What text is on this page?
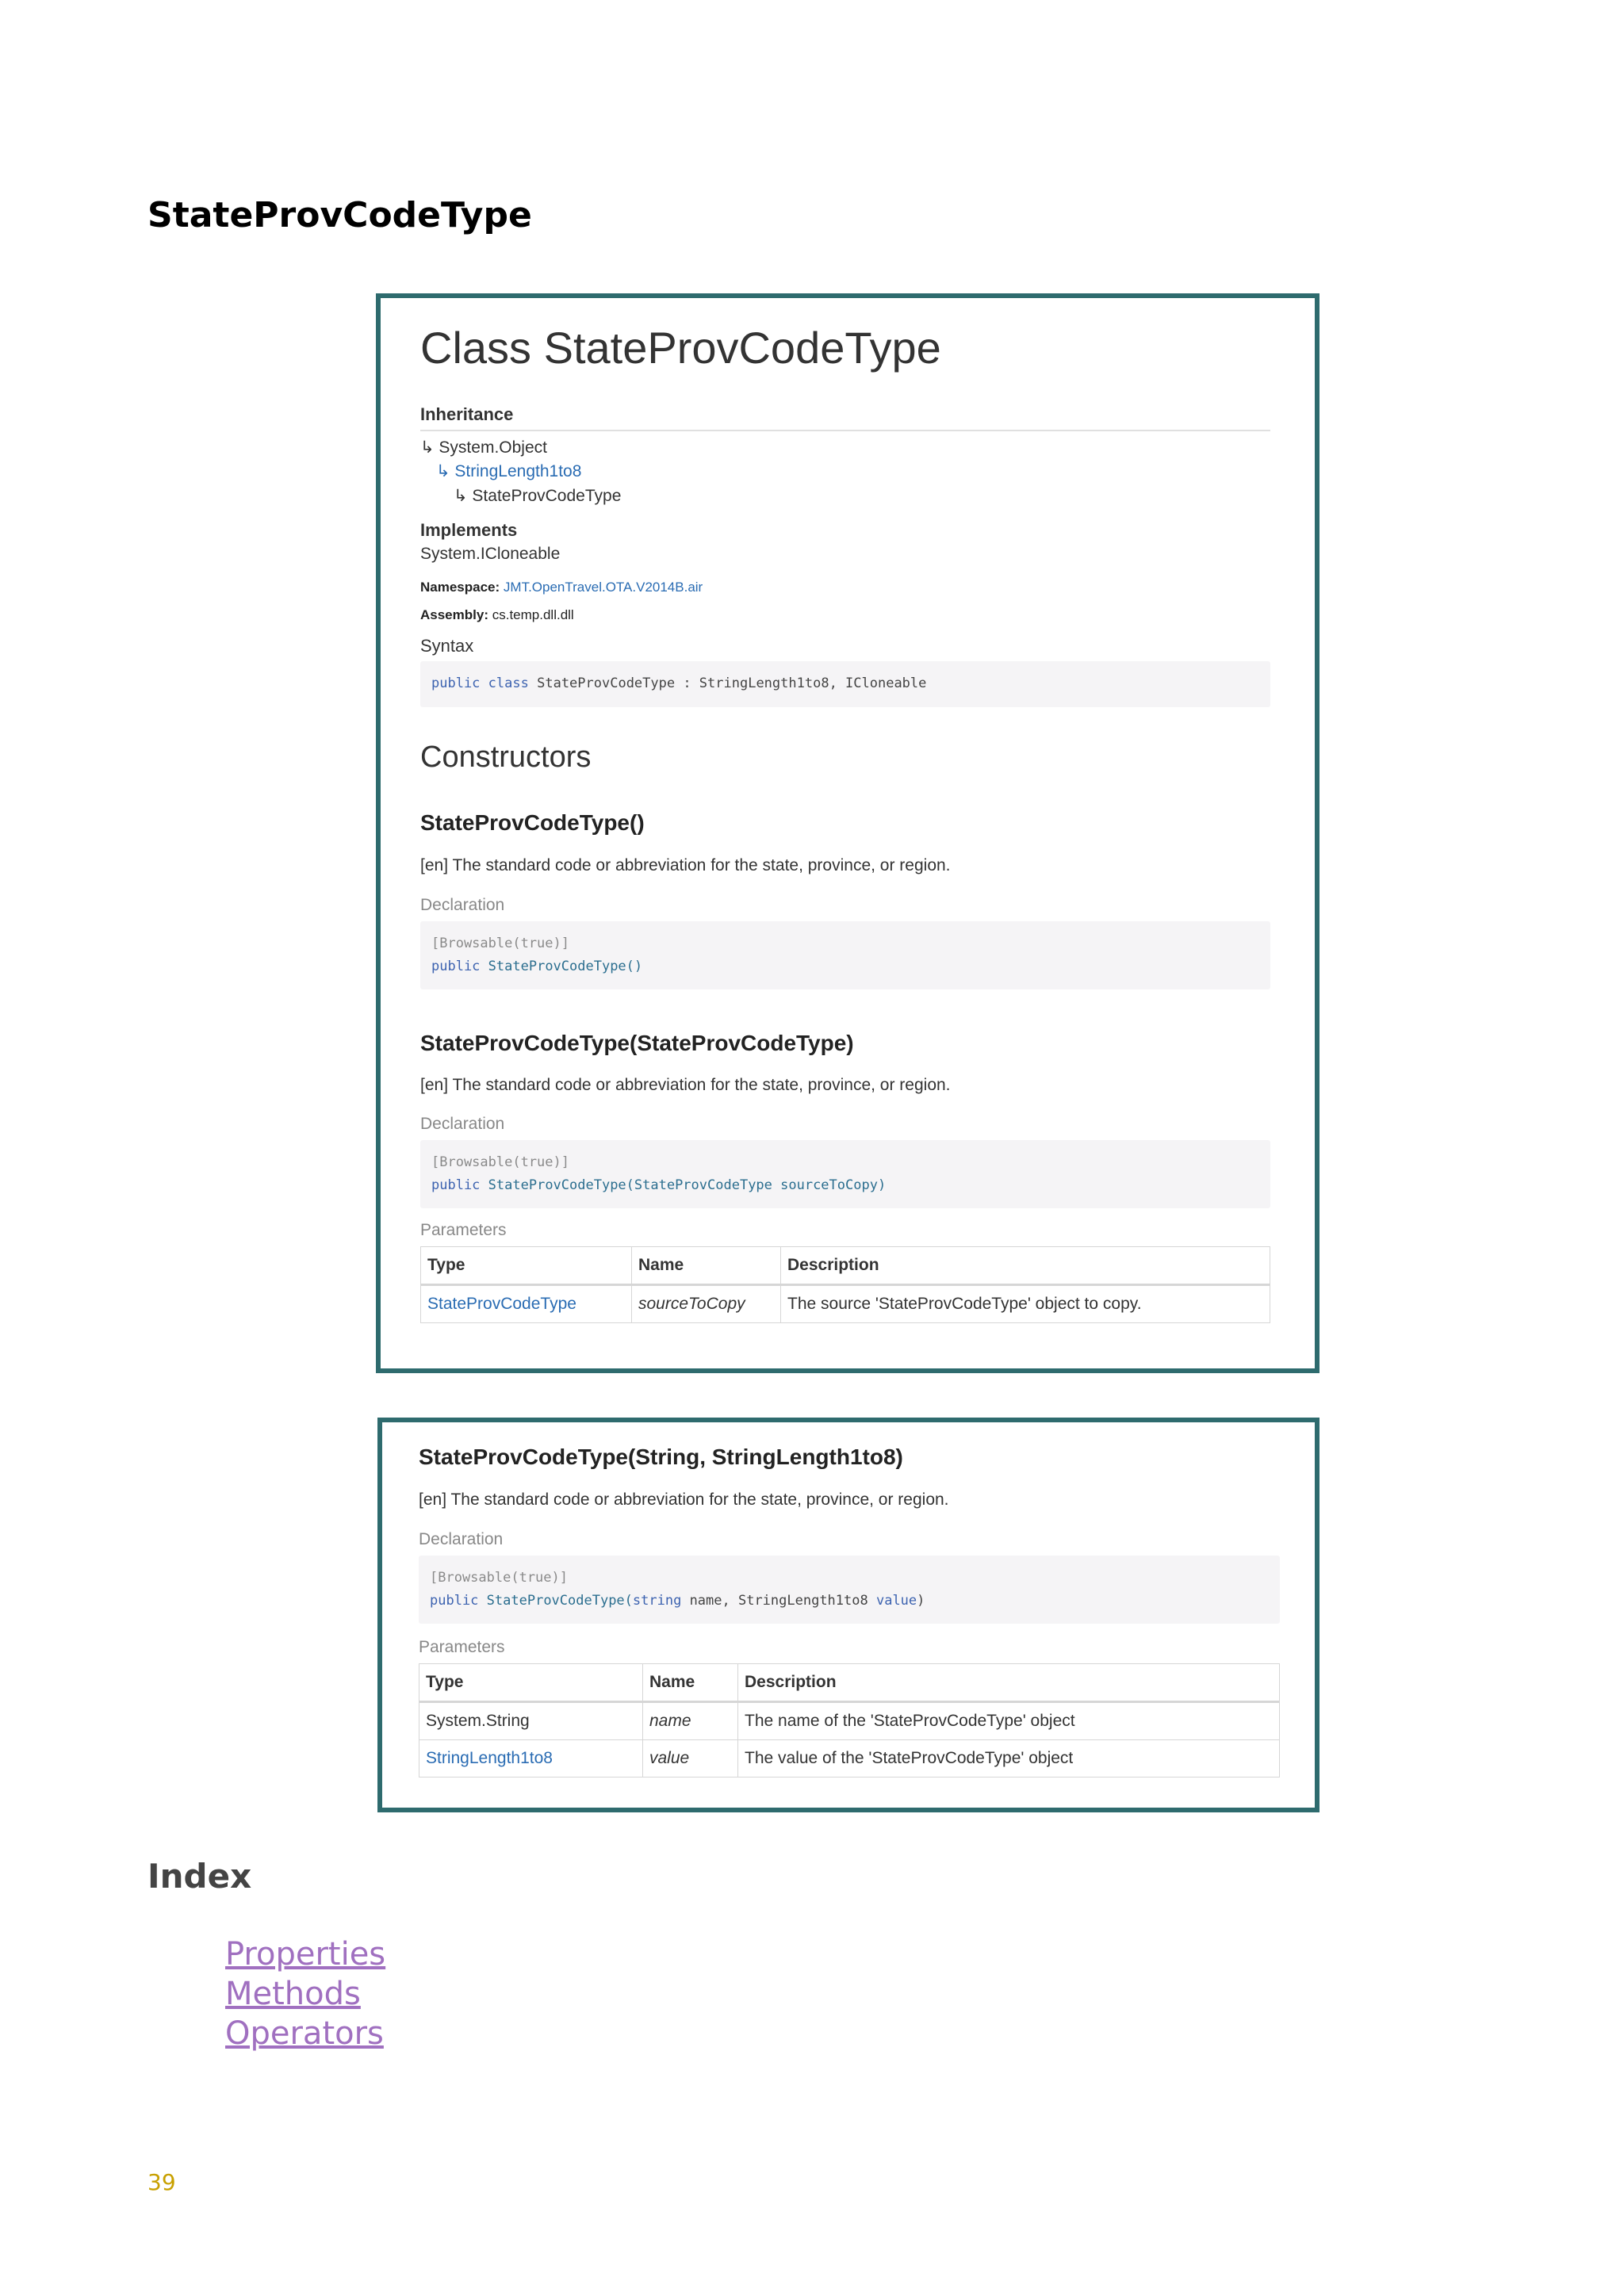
StateProvCodeType
Class StateProvCodeType
Inheritance
↳ System.Object
↳ StringLength1to8
↳ StateProvCodeType
Implements
System.ICloneable
Namespace: JMT.OpenTravel.OTA.V2014B.air
Assembly: cs.temp.dll.dll
Syntax
public class StateProvCodeType : StringLength1to8, ICloneable
Constructors
StateProvCodeType()
[en] The standard code or abbreviation for the state, province, or region.
Declaration
[Browsable(true)]
public StateProvCodeType()
StateProvCodeType(StateProvCodeType)
[en] The standard code or abbreviation for the state, province, or region.
Declaration
[Browsable(true)]
public StateProvCodeType(StateProvCodeType sourceToCopy)
Parameters
Type	Name	Description
StateProvCodeType	sourceToCopy	The source 'StateProvCodeType' object to copy.
StateProvCodeType(String, StringLength1to8)
[en] The standard code or abbreviation for the state, province, or region.
Declaration
[Browsable(true)]
public StateProvCodeType(string name, StringLength1to8 value)
Parameters
Type	Name	Description
System.String	name	The name of the 'StateProvCodeType' object
StringLength1to8	value	The value of the 'StateProvCodeType' object
Index
Properties
Methods
Operators
39
